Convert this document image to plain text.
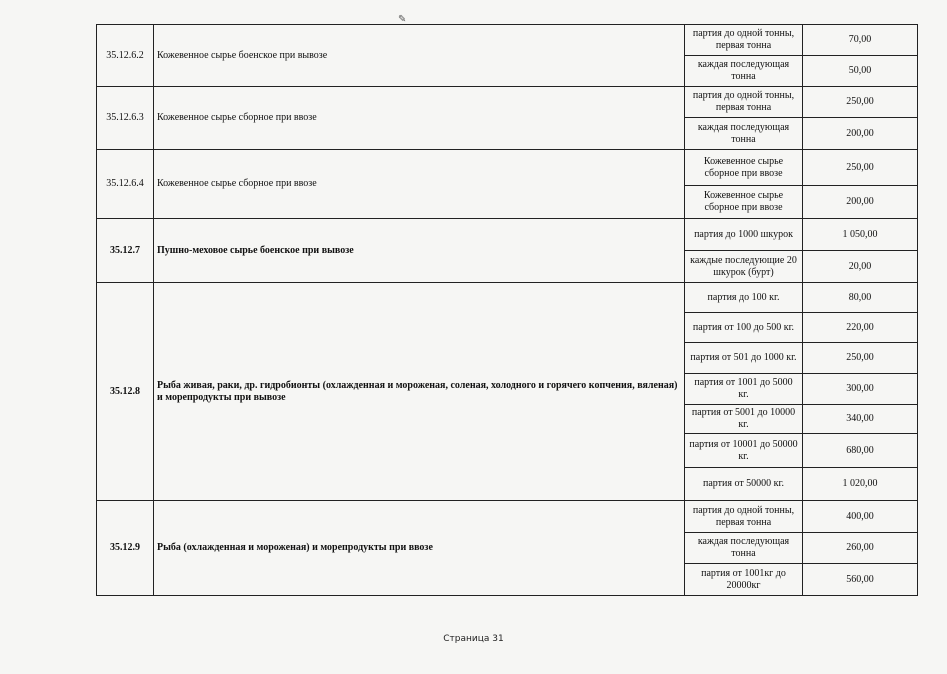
✎
35.12.6.2	Кожевенное сырье боенское при вывозе	партия до одной тонны, первая тонна	70,00
		каждая последующая тонна	50,00
35.12.6.3	Кожевенное сырье сборное при ввозе	партия до одной тонны, первая тонна	250,00
		каждая последующая тонна	200,00
35.12.6.4	Кожевенное сырье сборное при ввозе	Кожевенное сырье сборное при ввозе	250,00
		Кожевенное сырье сборное при ввозе	200,00
35.12.7	Пушно-меховое сырье боенское при вывозе	партия до 1000 шкурок	1 050,00
		каждые последующие 20 шкурок (бурт)	20,00
35.12.8	Рыба живая, раки, др. гидробионты (охлажденная и мороженая, соленая, холодного и горячего копчения, вяленая) и морепродукты при вывозе	партия до 100 кг.	80,00
		партия от 100 до 500 кг.	220,00
		партия от 501 до 1000 кг.	250,00
		партия от 1001 до 5000 кг.	300,00
		партия от 5001 до 10000 кг.	340,00
		партия от 10001 до 50000 кг.	680,00
		партия от 50000 кг.	1 020,00
35.12.9	Рыба (охлажденная и мороженая) и морепродукты при ввозе	партия до одной тонны, первая тонна	400,00
		каждая последующая тонна	260,00
		партия от 1001кг до 20000кг	560,00
Страница 31
